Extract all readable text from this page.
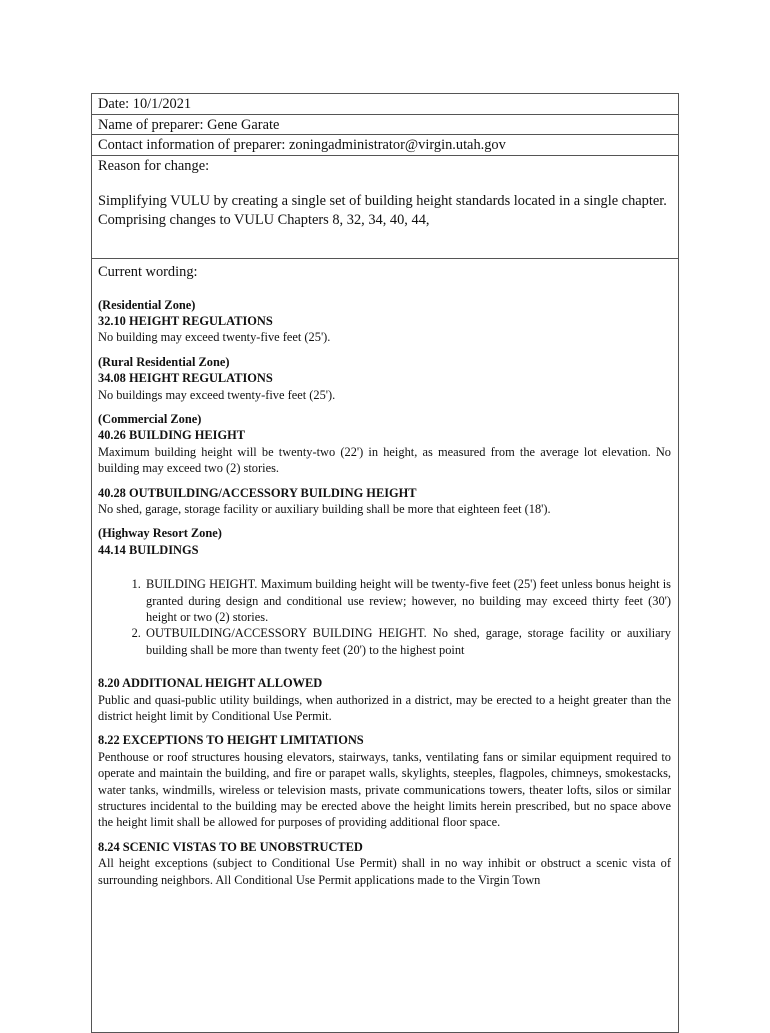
Date: 10/1/2021
Name of preparer: Gene Garate
Contact information of preparer: zoningadministrator@virgin.utah.gov
Reason for change:
Simplifying VULU by creating a single set of building height standards located in a single chapter. Comprising changes to VULU Chapters 8, 32, 34, 40, 44,
Current wording:
(Residential Zone)
32.10 HEIGHT REGULATIONS
No building may exceed twenty-five feet (25').
(Rural Residential Zone)
34.08 HEIGHT REGULATIONS
No buildings may exceed twenty-five feet (25').
(Commercial Zone)
40.26 BUILDING HEIGHT
Maximum building height will be twenty-two (22') in height, as measured from the average lot elevation. No building may exceed two (2) stories.
40.28 OUTBUILDING/ACCESSORY BUILDING HEIGHT
No shed, garage, storage facility or auxiliary building shall be more that eighteen feet (18').
(Highway Resort Zone)
44.14 BUILDINGS
1. BUILDING HEIGHT. Maximum building height will be twenty-five feet (25') feet unless bonus height is granted during design and conditional use review; however, no building may exceed thirty feet (30') height or two (2) stories.
2. OUTBUILDING/ACCESSORY BUILDING HEIGHT. No shed, garage, storage facility or auxiliary building shall be more than twenty feet (20') to the highest point
8.20 ADDITIONAL HEIGHT ALLOWED
Public and quasi-public utility buildings, when authorized in a district, may be erected to a height greater than the district height limit by Conditional Use Permit.
8.22 EXCEPTIONS TO HEIGHT LIMITATIONS
Penthouse or roof structures housing elevators, stairways, tanks, ventilating fans or similar equipment required to operate and maintain the building, and fire or parapet walls, skylights, steeples, flagpoles, chimneys, smokestacks, water tanks, windmills, wireless or television masts, private communications towers, theater lofts, silos or similar structures incidental to the building may be erected above the height limits herein prescribed, but no space above the height limit shall be allowed for purposes of providing additional floor space.
8.24 SCENIC VISTAS TO BE UNOBSTRUCTED
All height exceptions (subject to Conditional Use Permit) shall in no way inhibit or obstruct a scenic vista of surrounding neighbors. All Conditional Use Permit applications made to the Virgin Town
